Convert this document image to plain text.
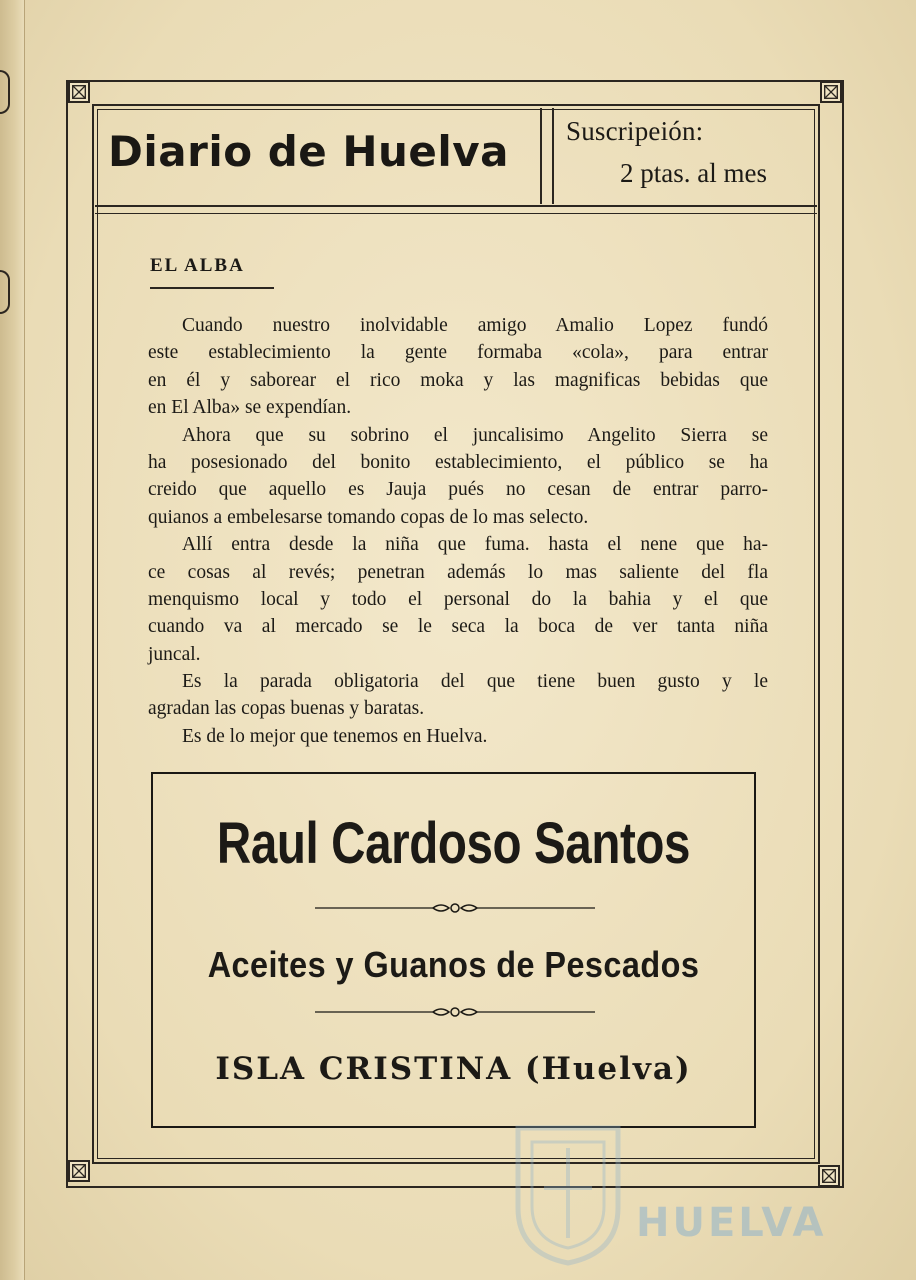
Diario de Huelva	Suscripeión:
2 ptas. al mes
EL ALBA
Cuando nuestro inolvidable amigo Amalio Lopez fundó
este establecimiento la gente formaba «cola», para entrar
en él y saborear el rico moka y las magnificas bebidas que
en El Alba» se expendían.
Ahora que su sobrino el juncalisimo Angelito Sierra se
ha posesionado del bonito establecimiento, el público se ha
creido que aquello es Jauja pués no cesan de entrar parro-
quianos a embelesarse tomando copas de lo mas selecto.
Allí entra desde la niña que fuma. hasta el nene que ha-
ce cosas al revés; penetran además lo mas saliente del fla
menquismo local y todo el personal do la bahia y el que
cuando va al mercado se le seca la boca de ver tanta niña
juncal.
Es la parada obligatoria del que tiene buen gusto y le
agradan las copas buenas y baratas.
Es de lo mejor que tenemos en Huelva.
Raul Cardoso Santos
Aceites y Guanos de Pescados
ISLA CRISTINA (Huelva)
HUELVA
